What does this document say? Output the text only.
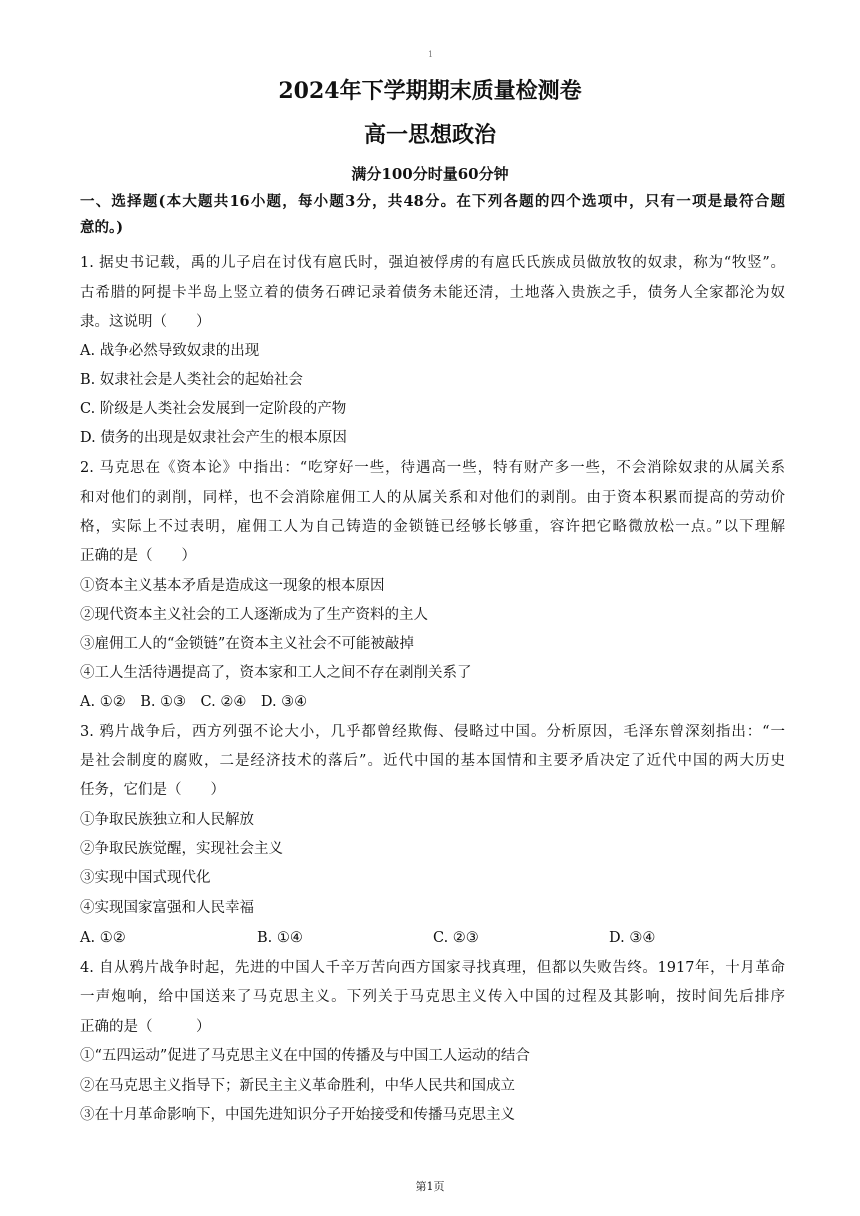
1
2024年下学期期末质量检测卷
高一思想政治
满分100分时量60分钟
一、选择题(本大题共16小题，每小题3分，共48分。在下列各题的四个选项中，只有一项是最符合题
意的。)
1. 据史书记载，禹的儿子启在讨伐有扈氏时，强迫被俘虏的有扈氏氏族成员做放牧的奴隶，称为“牧竖”。
古希腊的阿提卡半岛上竖立着的债务石碑记录着债务未能还清，土地落入贵族之手，债务人全家都沦为奴
隶。这说明（　　）
A. 战争必然导致奴隶的出现
B. 奴隶社会是人类社会的起始社会
C. 阶级是人类社会发展到一定阶段的产物
D. 债务的出现是奴隶社会产生的根本原因
2. 马克思在《资本论》中指出：“吃穿好一些，待遇高一些，特有财产多一些，不会消除奴隶的从属关系
和对他们的剥削，同样，也不会消除雇佣工人的从属关系和对他们的剥削。由于资本积累而提高的劳动价
格，实际上不过表明，雇佣工人为自己铸造的金锁链已经够长够重，容许把它略微放松一点。”以下理解
正确的是（　　）
①资本主义基本矛盾是造成这一现象的根本原因
②现代资本主义社会的工人逐渐成为了生产资料的主人
③雇佣工人的“金锁链”在资本主义社会不可能被敲掉
④工人生活待遇提高了，资本家和工人之间不存在剥削关系了
A. ①②　B. ①③　C. ②④　D. ③④
3. 鸦片战争后，西方列强不论大小，几乎都曾经欺侮、侵略过中国。分析原因，毛泽东曾深刻指出：“一
是社会制度的腐败，二是经济技术的落后”。近代中国的基本国情和主要矛盾决定了近代中国的两大历史
任务，它们是（　　）
①争取民族独立和人民解放
②争取民族觉醒，实现社会主义
③实现中国式现代化
④实现国家富强和人民幸福
A. ①②	B. ①④	C. ②③	D. ③④
4. 自从鸦片战争时起，先进的中国人千辛万苦向西方国家寻找真理，但都以失败告终。1917年，十月革命
一声炮响，给中国送来了马克思主义。下列关于马克思主义传入中国的过程及其影响，按时间先后排序
正确的是（　　　）
①“五四运动”促进了马克思主义在中国的传播及与中国工人运动的结合
②在马克思主义指导下；新民主主义革命胜利，中华人民共和国成立
③在十月革命影响下，中国先进知识分子开始接受和传播马克思主义
第1页
